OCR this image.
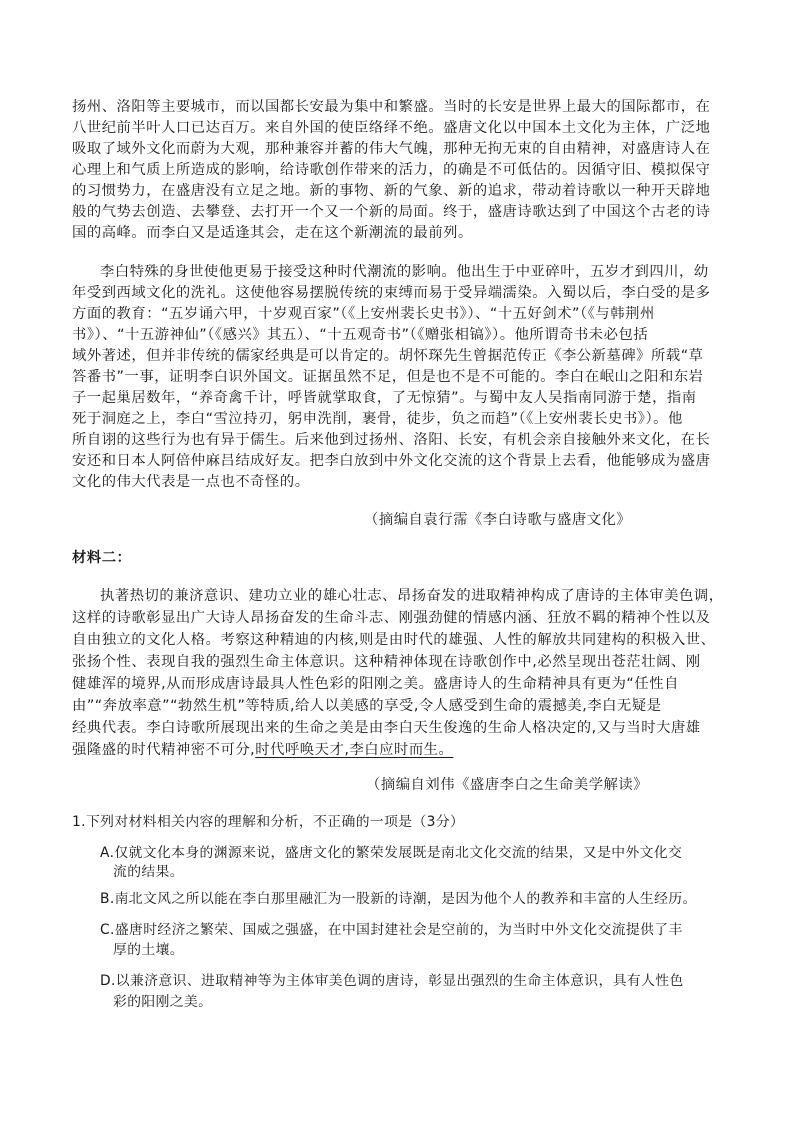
扬州、洛阳等主要城市，而以国都长安最为集中和繁盛。当时的长安是世界上最大的国际都市，在
八世纪前半叶人口已达百万。来自外国的使臣络绎不绝。盛唐文化以中国本土文化为主体，广泛地
吸取了域外文化而蔚为大观，那种兼容并蓄的伟大气魄，那种无拘无束的自由精神，对盛唐诗人在
心理上和气质上所造成的影响，给诗歌创作带来的活力，的确是不可低估的。因循守旧、模拟保守
的习惯势力，在盛唐没有立足之地。新的事物、新的气象、新的追求，带动着诗歌以一种开天辟地
般的气势去创造、去攀登、去打开一个又一个新的局面。终于，盛唐诗歌达到了中国这个古老的诗
国的高峰。而李白又是适逢其会，走在这个新潮流的最前列。
李白特殊的身世使他更易于接受这种时代潮流的影响。他出生于中亚碎叶，五岁才到四川，幼
年受到西域文化的洗礼。这使他容易摆脱传统的束缚而易于受异端濡染。入蜀以后，李白受的是多
方面的教育：“五岁诵六甲，十岁观百家”（《上安州裴长史书》）、“十五好剑术”（《与韩荆州
书》）、“十五游神仙”（《感兴》其五）、“十五观奇书”（《赠张相镐》）。他所谓奇书未必包括
域外著述，但并非传统的儒家经典是可以肯定的。胡怀琛先生曾据范传正《李公新墓碑》所载“草
答番书”一事，证明李白识外国文。证据虽然不足，但是也不是不可能的。李白在岷山之阳和东岩
子一起巢居数年，“养奇禽千计，呼皆就掌取食，了无惊猜”。与蜀中友人吴指南同游于楚，指南
死于洞庭之上，李白“雪泣持刃，躬申洗削，裹骨，徒步，负之而趋”（《上安州裴长史书》）。他
所自诩的这些行为也有异于儒生。后来他到过扬州、洛阳、长安，有机会亲自接触外来文化，在长
安还和日本人阿倍仲麻吕结成好友。把李白放到中外文化交流的这个背景上去看，他能够成为盛唐
文化的伟大代表是一点也不奇怪的。
（摘编自袁行霈《李白诗歌与盛唐文化》
材料二：
执著热切的兼济意识、建功立业的雄心壮志、昂扬奋发的进取精神构成了唐诗的主体审美色调，
这样的诗歌彰显出广大诗人昂扬奋发的生命斗志、刚强劲健的情感内涵、狂放不羁的精神个性以及
自由独立的文化人格。考察这种精迪的内核,则是由时代的雄强、人性的解放共同建构的积极入世、
张扬个性、表现自我的强烈生命主体意识。这种精神体现在诗歌创作中,必然呈现出苍茫壮阔、刚
健雄浑的境界,从而形成唐诗最具人性色彩的阳刚之美。盛唐诗人的生命精神具有更为“任性自
由”“奔放率意”“勃然生机”等特质,给人以美感的享受,令人感受到生命的震撼美,李白无疑是
经典代表。李白诗歌所展现出来的生命之美是由李白天生俊逸的生命人格决定的,又与当时大唐雄
强隆盛的时代精神密不可分,时代呼唤天才,李白应时而生。
（摘编自刘伟《盛唐李白之生命美学解读》
1.下列对材料相关内容的理解和分析，不正确的一项是（3分）
A.仅就文化本身的渊源来说，盛唐文化的繁荣发展既是南北文化交流的结果，又是中外文化交
流的结果。
B.南北文风之所以能在李白那里融汇为一股新的诗潮，是因为他个人的教养和丰富的人生经历。
C.盛唐时经济之繁荣、国威之强盛，在中国封建社会是空前的，为当时中外文化交流提供了丰
厚的土壤。
D.以兼济意识、进取精神等为主体审美色调的唐诗，彰显出强烈的生命主体意识，具有人性色
彩的阳刚之美。
